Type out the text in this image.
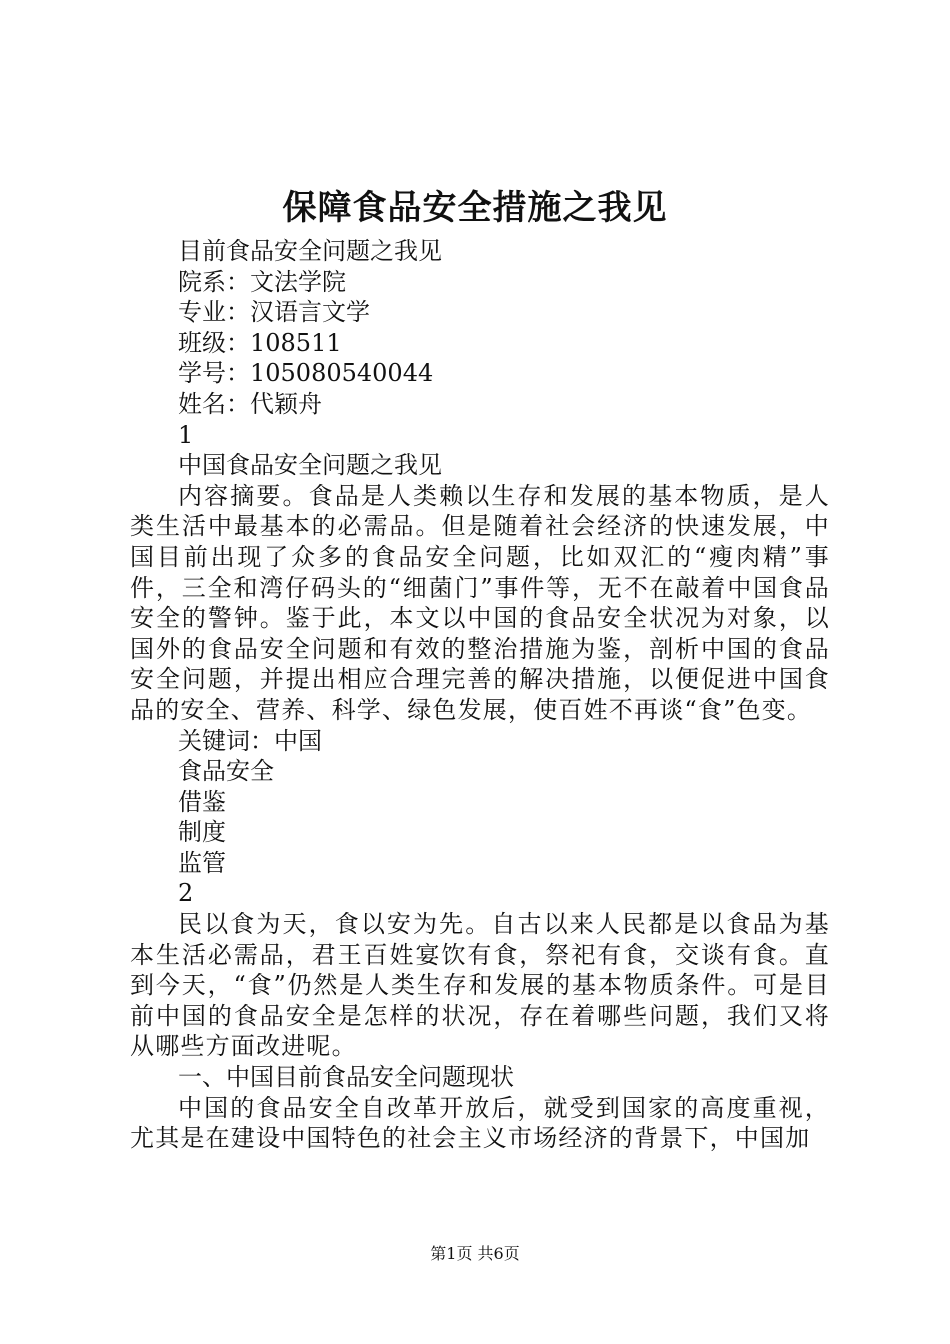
保障食品安全措施之我见
目前食品安全问题之我见
院系：文法学院
专业：汉语言文学
班级：108511
学号：105080540044
姓名：代颖舟
1
中国食品安全问题之我见

内容摘要。食品是人类赖以生存和发展的基本物质，是人类生活中最基本的必需品。但是随着社会经济的快速发展，中国目前出现了众多的食品安全问题，比如双汇的“瘦肉精”事件，三全和湾仔码头的“细菌门”事件等，无不在敲着中国食品安全的警钟。鉴于此，本文以中国的食品安全状况为对象，以国外的食品安全问题和有效的整治措施为鉴，剖析中国的食品安全问题，并提出相应合理完善的解决措施，以便促进中国食品的安全、营养、科学、绿色发展，使百姓不再谈“食”色变。

关键词：中国
食品安全
借鉴
制度
监管
2

民以食为天，食以安为先。自古以来人民都是以食品为基本生活必需品，君王百姓宴饮有食，祭祀有食，交谈有食。直到今天，“食”仍然是人类生存和发展的基本物质条件。可是目前中国的食品安全是怎样的状况，存在着哪些问题，我们又将从哪些方面改进呢。

一、中国目前食品安全问题现状

中国的食品安全自改革开放后，就受到国家的高度重视，尤其是在建设中国特色的社会主义市场经济的背景下，中国加

第1页 共6页
